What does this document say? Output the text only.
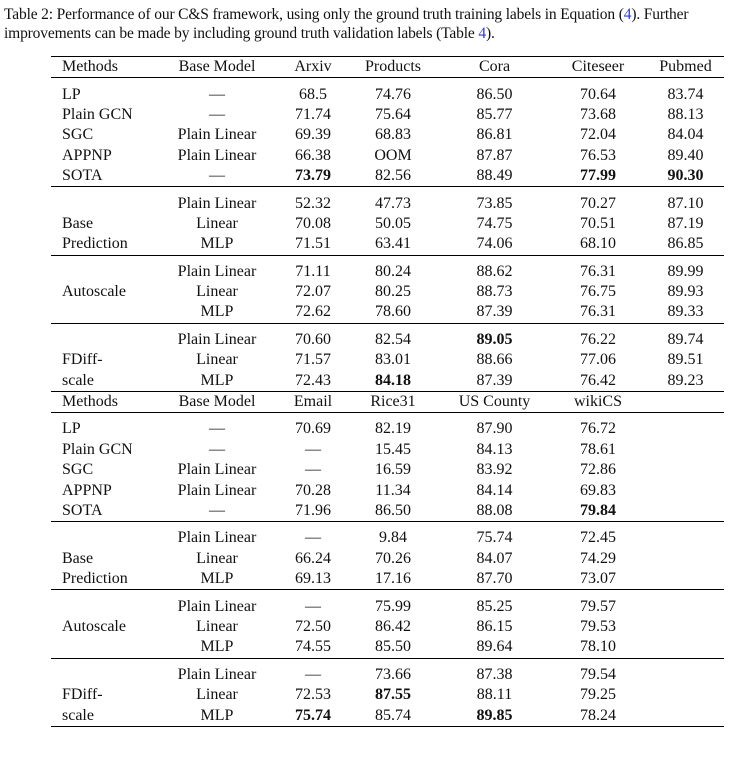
Table 2: Performance of our C&S framework, using only the ground truth training labels in Equation (4). Further improvements can be made by including ground truth validation labels (Table 4).
Methods	Base Model	Arxiv	Products	Cora	Citeseer	Pubmed
LP	—	68.5	74.76	86.50	70.64	83.74
Plain GCN	—	71.74	75.64	85.77	73.68	88.13
SGC	Plain Linear	69.39	68.83	86.81	72.04	84.04
APPNP	Plain Linear	66.38	OOM	87.87	76.53	89.40
SOTA	—	73.79	82.56	88.49	77.99	90.30
	Plain Linear	52.32	47.73	73.85	70.27	87.10
Base	Linear	70.08	50.05	74.75	70.51	87.19
Prediction	MLP	71.51	63.41	74.06	68.10	86.85
	Plain Linear	71.11	80.24	88.62	76.31	89.99
Autoscale	Linear	72.07	80.25	88.73	76.75	89.93
	MLP	72.62	78.60	87.39	76.31	89.33
	Plain Linear	70.60	82.54	89.05	76.22	89.74
FDiff-	Linear	71.57	83.01	88.66	77.06	89.51
scale	MLP	72.43	84.18	87.39	76.42	89.23
Methods	Base Model	Email	Rice31	US County	wikiCS	
LP	—	70.69	82.19	87.90	76.72	
Plain GCN	—	—	15.45	84.13	78.61	
SGC	Plain Linear	—	16.59	83.92	72.86	
APPNP	Plain Linear	70.28	11.34	84.14	69.83	
SOTA	—	71.96	86.50	88.08	79.84	
	Plain Linear	—	9.84	75.74	72.45	
Base	Linear	66.24	70.26	84.07	74.29	
Prediction	MLP	69.13	17.16	87.70	73.07	
	Plain Linear	—	75.99	85.25	79.57	
Autoscale	Linear	72.50	86.42	86.15	79.53	
	MLP	74.55	85.50	89.64	78.10	
	Plain Linear	—	73.66	87.38	79.54	
FDiff-	Linear	72.53	87.55	88.11	79.25	
scale	MLP	75.74	85.74	89.85	78.24	
